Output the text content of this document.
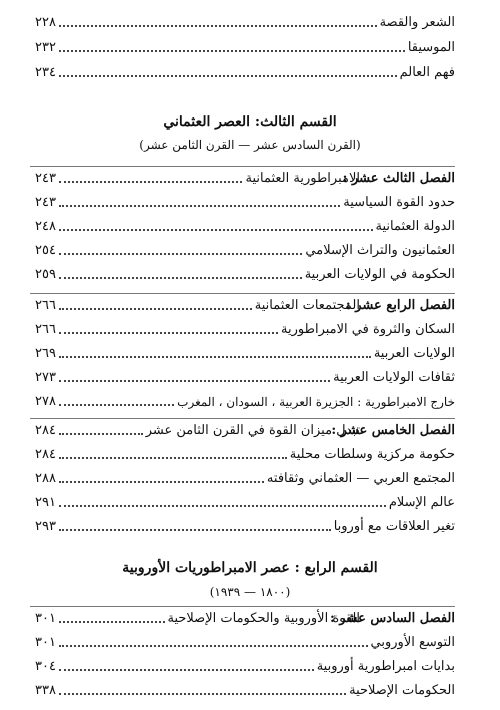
الشعر والقصة
٢٢٨
الموسيقا
٢٣٢
فهم العالم
٢٣٤
القسم الثالث: العصر العثماني
(القرن السادس عشر — القرن الثامن عشر)
الفصل الثالث عشر :
الامبراطورية العثمانية
٢٤٣
حدود القوة السياسية
٢٤٣
الدولة العثمانية
٢٤٨
العثمانيون والتراث الإسلامي
٢٥٤
الحكومة في الولايات العربية
٢٥٩
الفصل الرابع عشر :
المجتمعات العثمانية
٢٦٦
السكان والثروة في الامبراطورية
٢٦٦
الولايات العربية
٢٦٩
ثقافات الولايات العربية
٢٧٣
خارج الامبراطورية : الجزيرة العربية ، السودان ، المغرب
٢٧٨
الفصل الخامس عشر :
تبدل ميزان القوة في القرن الثامن عشر
٢٨٤
حكومة مركزية وسلطات محلية
٢٨٤
المجتمع العربي — العثماني وثقافته
٢٨٨
عالم الإسلام
٢٩١
تغير العلاقات مع أوروبا
٢٩٣
القسم الرابع : عصر الامبراطوريات الأوروبية
(١٨٠٠ — ١٩٣٩)
الفصل السادس عشر :
القوة الأوروبية والحكومات الإصلاحية
٣٠١
التوسع الأوروبي
٣٠١
بدايات امبراطورية أوروبية
٣٠٤
الحكومات الإصلاحية
٣٣٨
